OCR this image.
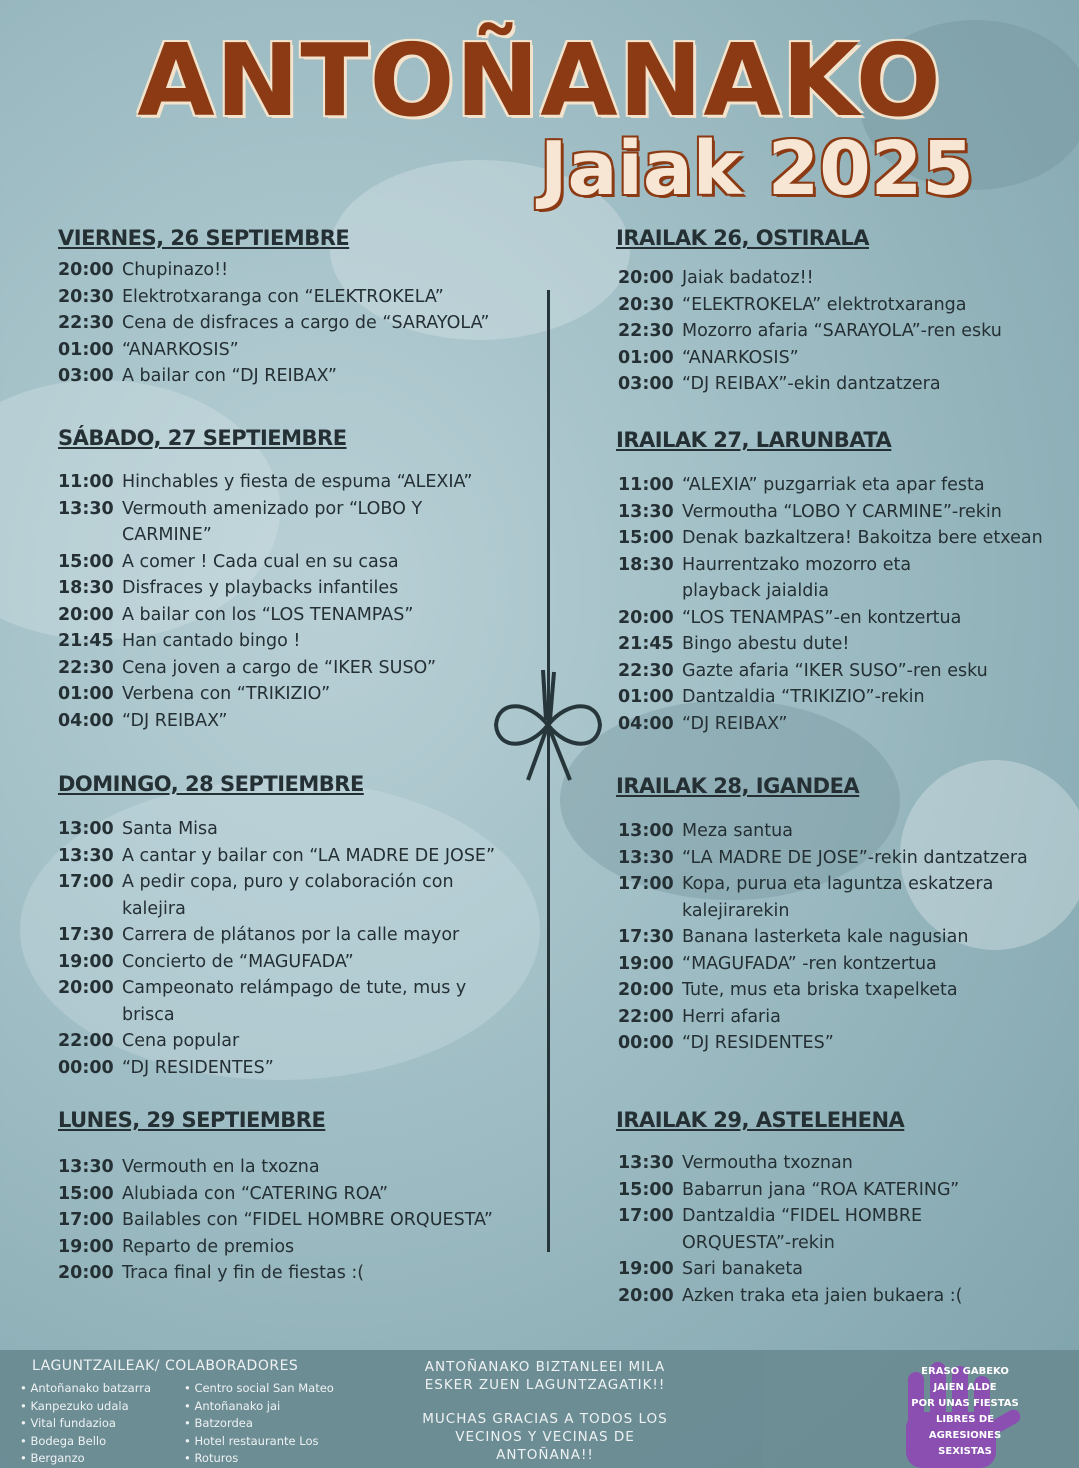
ANTOÑANAKO
Jaiak 2025
VIERNES, 26 SEPTIEMBRE
20:00 Chupinazo!!
20:30 Elektrotxaranga con “ELEKTROKELA”
22:30 Cena de disfraces a cargo de “SARAYOLA”
01:00 “ANARKOSIS”
03:00 A bailar con “DJ REIBAX”
SÁBADO, 27 SEPTIEMBRE
11:00 Hinchables y fiesta de espuma “ALEXIA”
13:30 Vermouth amenizado por “LOBO Y
CARMINE”
15:00 A comer ! Cada cual en su casa
18:30 Disfraces y playbacks infantiles
20:00 A bailar con los “LOS TENAMPAS”
21:45 Han cantado bingo !
22:30 Cena joven a cargo de “IKER SUSO”
01:00 Verbena con “TRIKIZIO”
04:00 “DJ REIBAX”
DOMINGO, 28 SEPTIEMBRE
13:00 Santa Misa
13:30 A cantar y bailar con “LA MADRE DE JOSE”
17:00 A pedir copa, puro y colaboración con
kalejira
17:30 Carrera de plátanos por la calle mayor
19:00 Concierto de “MAGUFADA”
20:00 Campeonato relámpago de tute, mus y
brisca
22:00 Cena popular
00:00 “DJ RESIDENTES”
LUNES, 29 SEPTIEMBRE
13:30 Vermouth en la txozna
15:00 Alubiada con “CATERING ROA”
17:00 Bailables con “FIDEL HOMBRE ORQUESTA”
19:00 Reparto de premios
20:00 Traca final y fin de fiestas :(
IRAILAK 26, OSTIRALA
20:00 Jaiak badatoz!!
20:30 “ELEKTROKELA” elektrotxaranga
22:30 Mozorro afaria “SARAYOLA”-ren esku
01:00 “ANARKOSIS”
03:00 “DJ REIBAX”-ekin dantzatzera
IRAILAK 27, LARUNBATA
11:00 “ALEXIA” puzgarriak eta apar festa
13:30 Vermoutha “LOBO Y CARMINE”-rekin
15:00 Denak bazkaltzera! Bakoitza bere etxean
18:30 Haurrentzako mozorro eta
playback jaialdia
20:00 “LOS TENAMPAS”-en kontzertua
21:45 Bingo abestu dute!
22:30 Gazte afaria “IKER SUSO”-ren esku
01:00 Dantzaldia “TRIKIZIO”-rekin
04:00 “DJ REIBAX”
IRAILAK 28, IGANDEA
13:00 Meza santua
13:30 “LA MADRE DE JOSE”-rekin dantzatzera
17:00 Kopa, purua eta laguntza eskatzera
kalejirarekin
17:30 Banana lasterketa kale nagusian
19:00 “MAGUFADA” -ren kontzertua
20:00 Tute, mus eta briska txapelketa
22:00 Herri afaria
00:00 “DJ RESIDENTES”
IRAILAK 29, ASTELEHENA
13:30 Vermoutha txoznan
15:00 Babarrun jana “ROA KATERING”
17:00 Dantzaldia “FIDEL HOMBRE
ORQUESTA”-rekin
19:00 Sari banaketa
20:00 Azken traka eta jaien bukaera :(
LAGUNTZAILEAK/ COLABORADORES
• Antoñanako batzarra
• Kanpezuko udala
• Vital fundazioa
• Bodega Bello
• Berganzo
• Centro social San Mateo
• Antoñanako jai
• Batzordea
• Hotel restaurante Los
• Roturos
ANTOÑANAKO BIZTANLEEI MILA
ESKER ZUEN LAGUNTZAGATIK!!
MUCHAS GRACIAS A TODOS LOS
VECINOS Y VECINAS DE
ANTOÑANA!!
ERASO GABEKO
JAIEN ALDE
POR UNAS FIESTAS
LIBRES DE
AGRESIONES
SEXISTAS
